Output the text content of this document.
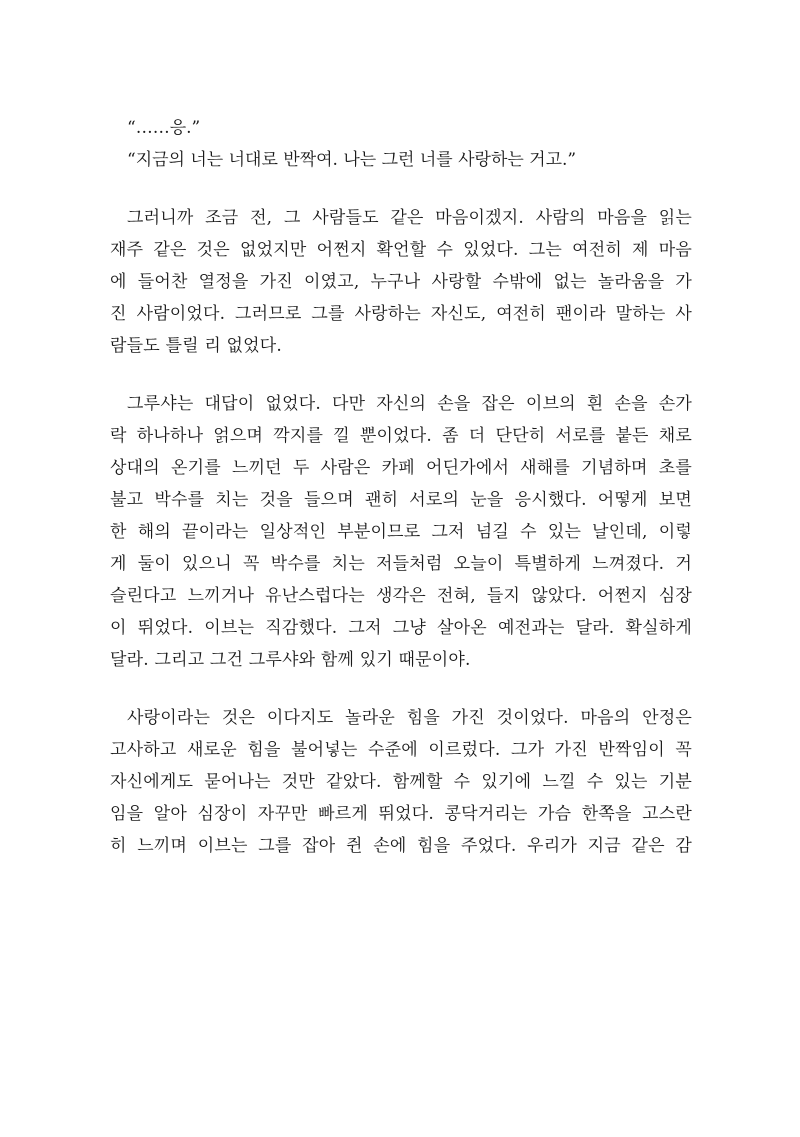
“……응.”
“지금의 너는 너대로 반짝여. 나는 그런 너를 사랑하는 거고.”
그러니까 조금 전, 그 사람들도 같은 마음이겠지. 사람의 마음을 읽는
재주 같은 것은 없었지만 어쩐지 확언할 수 있었다. 그는 여전히 제 마음
에 들어찬 열정을 가진 이였고, 누구나 사랑할 수밖에 없는 놀라움을 가
진 사람이었다. 그러므로 그를 사랑하는 자신도, 여전히 팬이라 말하는 사
람들도 틀릴 리 없었다.
그루샤는 대답이 없었다. 다만 자신의 손을 잡은 이브의 흰 손을 손가
락 하나하나 얽으며 깍지를 낄 뿐이었다. 좀 더 단단히 서로를 붙든 채로
상대의 온기를 느끼던 두 사람은 카페 어딘가에서 새해를 기념하며 초를
불고 박수를 치는 것을 들으며 괜히 서로의 눈을 응시했다. 어떻게 보면
한 해의 끝이라는 일상적인 부분이므로 그저 넘길 수 있는 날인데, 이렇
게 둘이 있으니 꼭 박수를 치는 저들처럼 오늘이 특별하게 느껴졌다. 거
슬린다고 느끼거나 유난스럽다는 생각은 전혀, 들지 않았다. 어쩐지 심장
이 뛰었다. 이브는 직감했다. 그저 그냥 살아온 예전과는 달라. 확실하게
달라. 그리고 그건 그루샤와 함께 있기 때문이야.
사랑이라는 것은 이다지도 놀라운 힘을 가진 것이었다. 마음의 안정은
고사하고 새로운 힘을 불어넣는 수준에 이르렀다. 그가 가진 반짝임이 꼭
자신에게도 묻어나는 것만 같았다. 함께할 수 있기에 느낄 수 있는 기분
임을 알아 심장이 자꾸만 빠르게 뛰었다. 콩닥거리는 가슴 한쪽을 고스란
히 느끼며 이브는 그를 잡아 쥔 손에 힘을 주었다. 우리가 지금 같은 감
